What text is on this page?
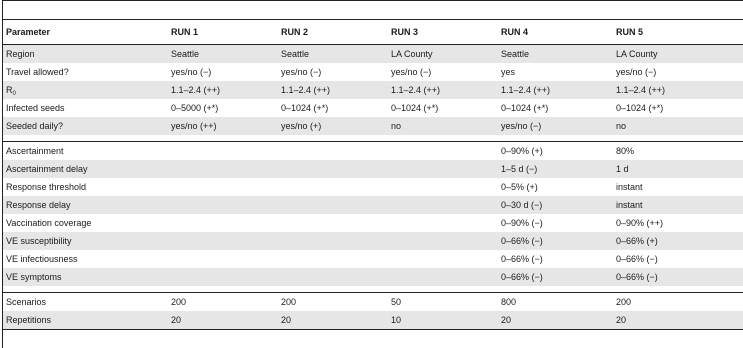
Parameter	RUN 1	RUN 2	RUN 3	RUN 4	RUN 5
Region	Seattle	Seattle	LA County	Seattle	LA County
Travel allowed?	yes/no (−)	yes/no (−)	yes/no (−)	yes	yes/no (−)
$R_0$	1.1–2.4 (++)	1.1–2.4 (++)	1.1–2.4 (++)	1.1–2.4 (++)	1.1–2.4 (++)
Infected seeds	0–5000 (+*)	0–1024 (+*)	0–1024 (+*)	0–1024 (+*)	0–1024 (+*)
Seeded daily?	yes/no (++)	yes/no (+)	no	yes/no (−)	no

Ascertainment				0–90% (+)	80%
Ascertainment delay				1–5 d (−)	1 d
Response threshold				0–5% (+)	instant
Response delay				0–30 d (−)	instant
Vaccination coverage				0–90% (−)	0–90% (++)
VE susceptibility				0–66% (−)	0–66% (+)
VE infectiousness				0–66% (−)	0–66% (−)
VE symptoms				0–66% (−)	0–66% (−)

Scenarios	200	200	50	800	200
Repetitions	20	20	10	20	20
